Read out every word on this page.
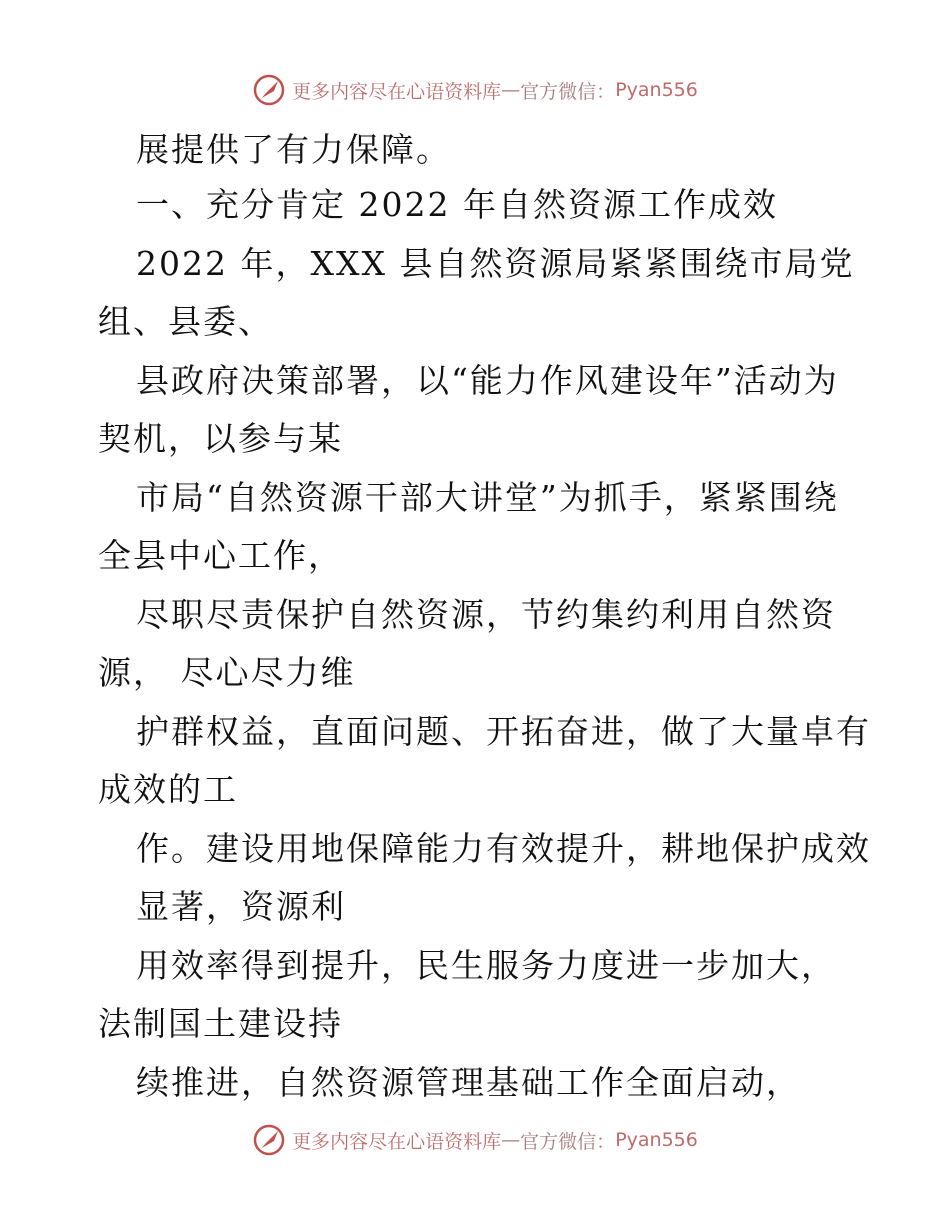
更多内容尽在心语资料库 — 官方微信： Pyan556

展提供了有力保障。

一、充分肯定 2022 年自然资源工作成效

2022 年，XXX 县自然资源局紧紧围绕市局党

组、县委、

县政府决策部署，以“能力作风建设年”活动为

契机，以参与某

市局“自然资源干部大讲堂”为抓手，紧紧围绕

全县中心工作，

尽职尽责保护自然资源，节约集约利用自然资

源， 尽心尽力维

护群权益，直面问题、开拓奋进，做了大量卓有

成效的工

作。建设用地保障能力有效提升，耕地保护成效

显著，资源利

用效率得到提升，民生服务力度进一步加大，

法制国土建设持

续推进，自然资源管理基础工作全面启动，

更多内容尽在心语资料库 — 官方微信： Pyan556
